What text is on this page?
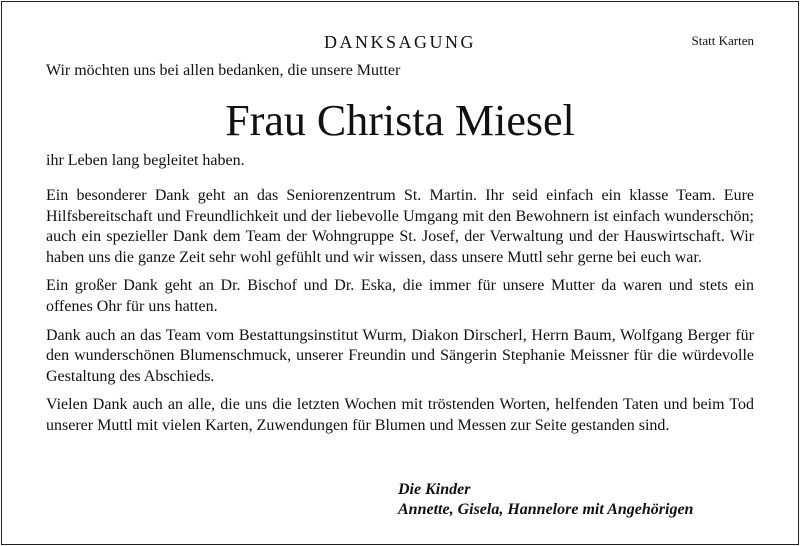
DANKSAGUNG	Statt Karten
Wir möchten uns bei allen bedanken, die unsere Mutter
Frau Christa Miesel
ihr Leben lang begleitet haben.

Ein besonderer Dank geht an das Seniorenzentrum St. Martin. Ihr seid einfach ein klasse Team. Eure Hilfsbereitschaft und Freundlichkeit und der liebevolle Umgang mit den Bewohnern ist einfach wunderschön; auch ein spezieller Dank dem Team der Wohngruppe St. Josef, der Verwaltung und der Hauswirtschaft. Wir haben uns die ganze Zeit sehr wohl gefühlt und wir wissen, dass unsere Muttl sehr gerne bei euch war.

Ein großer Dank geht an Dr. Bischof und Dr. Eska, die immer für unsere Mutter da waren und stets ein offenes Ohr für uns hatten.

Dank auch an das Team vom Bestattungsinstitut Wurm, Diakon Dirscherl, Herrn Baum, Wolfgang Berger für den wunderschönen Blumenschmuck, unserer Freundin und Sängerin Stephanie Meissner für die würdevolle Gestaltung des Abschieds.

Vielen Dank auch an alle, die uns die letzten Wochen mit tröstenden Worten, helfenden Taten und beim Tod unserer Muttl mit vielen Karten, Zuwendungen für Blumen und Messen zur Seite gestanden sind.

Die Kinder
Annette, Gisela, Hannelore mit Angehörigen
